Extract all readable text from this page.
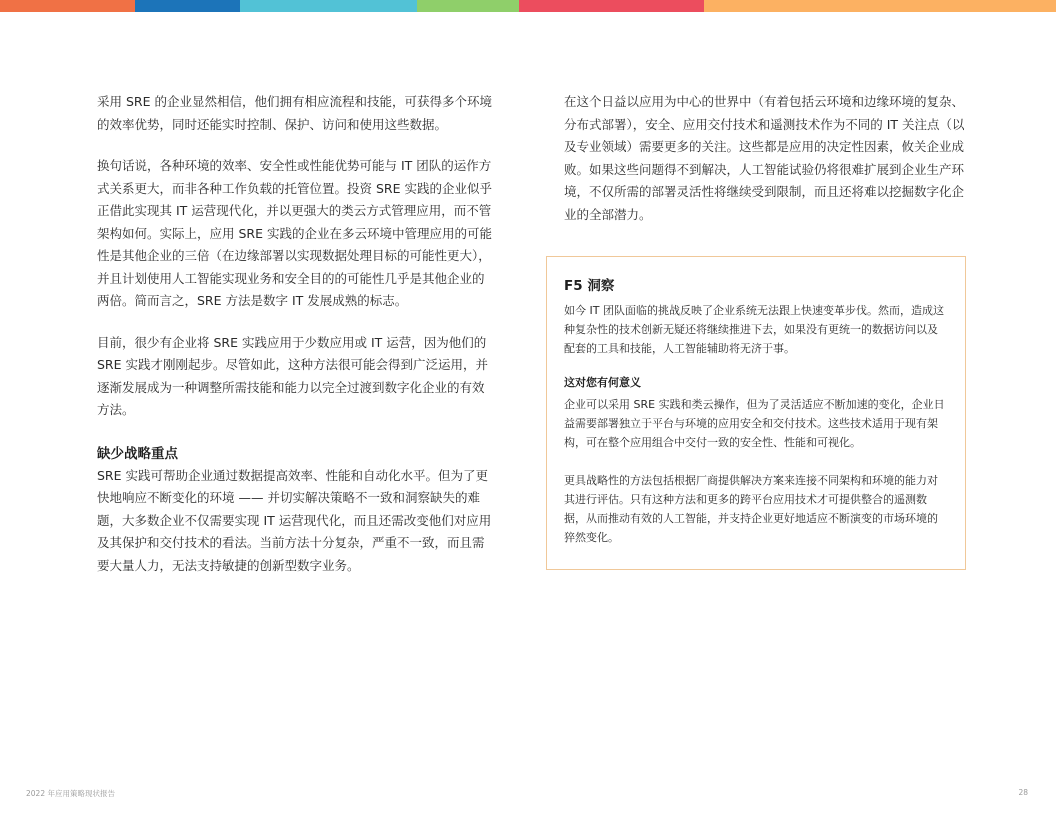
采用 SRE 的企业显然相信，他们拥有相应流程和技能，可获得多个环境的效率优势，同时还能实时控制、保护、访问和使用这些数据。

换句话说，各种环境的效率、安全性或性能优势可能与 IT 团队的运作方式关系更大，而非各种工作负载的托管位置。投资 SRE 实践的企业似乎正借此实现其 IT 运营现代化，并以更强大的类云方式管理应用，而不管架构如何。实际上，应用 SRE 实践的企业在多云环境中管理应用的可能性是其他企业的三倍（在边缘部署以实现数据处理目标的可能性更大），并且计划使用人工智能实现业务和安全目的的可能性几乎是其他企业的两倍。简而言之，SRE 方法是数字 IT 发展成熟的标志。

目前，很少有企业将 SRE 实践应用于少数应用或 IT 运营，因为他们的 SRE 实践才刚刚起步。尽管如此，这种方法很可能会得到广泛运用，并逐渐发展成为一种调整所需技能和能力以完全过渡到数字化企业的有效方法。

缺少战略重点

SRE 实践可帮助企业通过数据提高效率、性能和自动化水平。但为了更快地响应不断变化的环境 —— 并切实解决策略不一致和洞察缺失的难题，大多数企业不仅需要实现 IT 运营现代化，而且还需改变他们对应用及其保护和交付技术的看法。当前方法十分复杂，严重不一致，而且需要大量人力，无法支持敏捷的创新型数字业务。

在这个日益以应用为中心的世界中（有着包括云环境和边缘环境的复杂、分布式部署），安全、应用交付技术和遥测技术作为不同的 IT 关注点（以及专业领域）需要更多的关注。这些都是应用的决定性因素，攸关企业成败。如果这些问题得不到解决，人工智能试验仍将很难扩展到企业生产环境，不仅所需的部署灵活性将继续受到限制，而且还将难以挖掘数字化企业的全部潜力。

F5 洞察

如今 IT 团队面临的挑战反映了企业系统无法跟上快速变革步伐。然而，造成这种复杂性的技术创新无疑还将继续推进下去，如果没有更统一的数据访问以及配套的工具和技能，人工智能辅助将无济于事。

这对您有何意义

企业可以采用 SRE 实践和类云操作，但为了灵活适应不断加速的变化，企业日益需要部署独立于平台与环境的应用安全和交付技术。这些技术适用于现有架构，可在整个应用组合中交付一致的安全性、性能和可视化。

更具战略性的方法包括根据厂商提供解决方案来连接不同架构和环境的能力对其进行评估。只有这种方法和更多的跨平台应用技术才可提供整合的遥测数据，从而推动有效的人工智能，并支持企业更好地适应不断演变的市场环境的猝然变化。

2022 年应用策略现状报告	28
